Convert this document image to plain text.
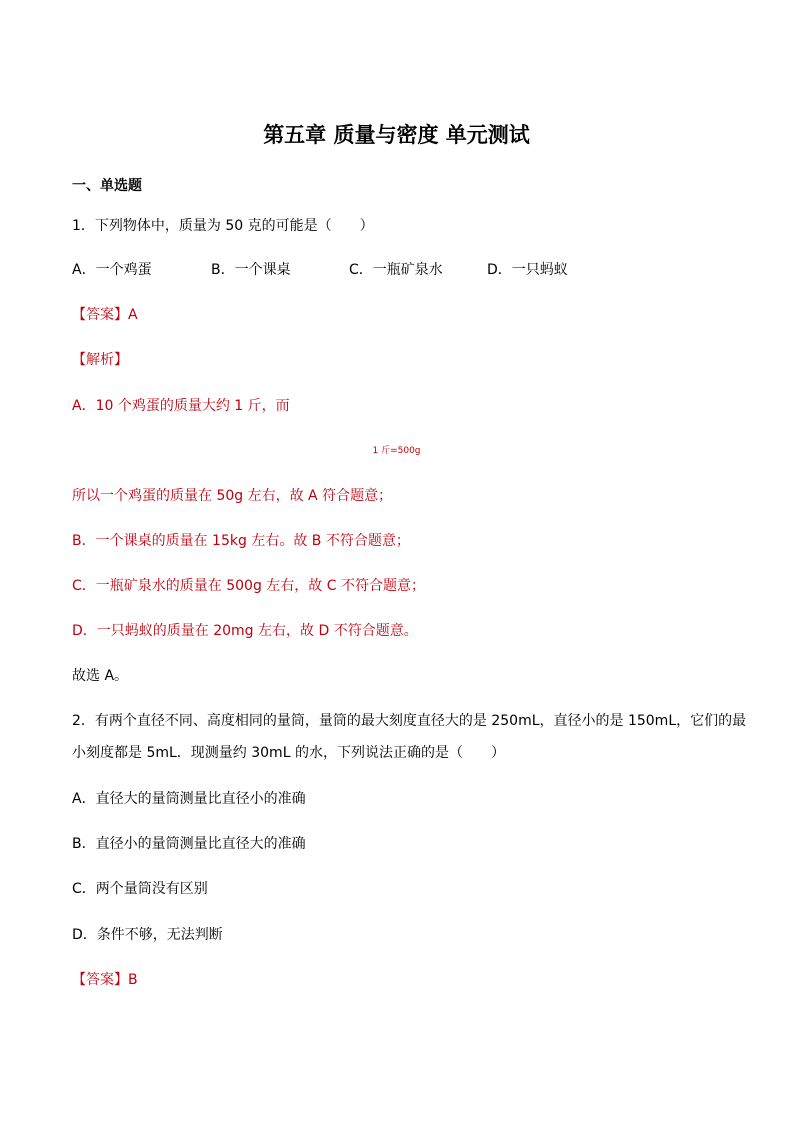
第五章 质量与密度 单元测试
一、单选题
1．下列物体中，质量为 50 克的可能是（　　）
A．一个鸡蛋	B．一个课桌	C．一瓶矿泉水	D．一只蚂蚁
【答案】A
【解析】
A．10 个鸡蛋的质量大约 1 斤，而
1 斤=500g
所以一个鸡蛋的质量在 50g 左右，故 A 符合题意；
B．一个课桌的质量在 15kg 左右。故 B 不符合题意；
C．一瓶矿泉水的质量在 500g 左右，故 C 不符合题意；
D．一只蚂蚁的质量在 20mg 左右，故 D 不符合题意。
故选 A。
2．有两个直径不同、高度相同的量筒，量筒的最大刻度直径大的是 250mL，直径小的是 150mL，它们的最
小刻度都是 5mL．现测量约 30mL 的水，下列说法正确的是（　　）
A．直径大的量筒测量比直径小的准确
B．直径小的量筒测量比直径大的准确
C．两个量筒没有区别
D．条件不够，无法判断
【答案】B
